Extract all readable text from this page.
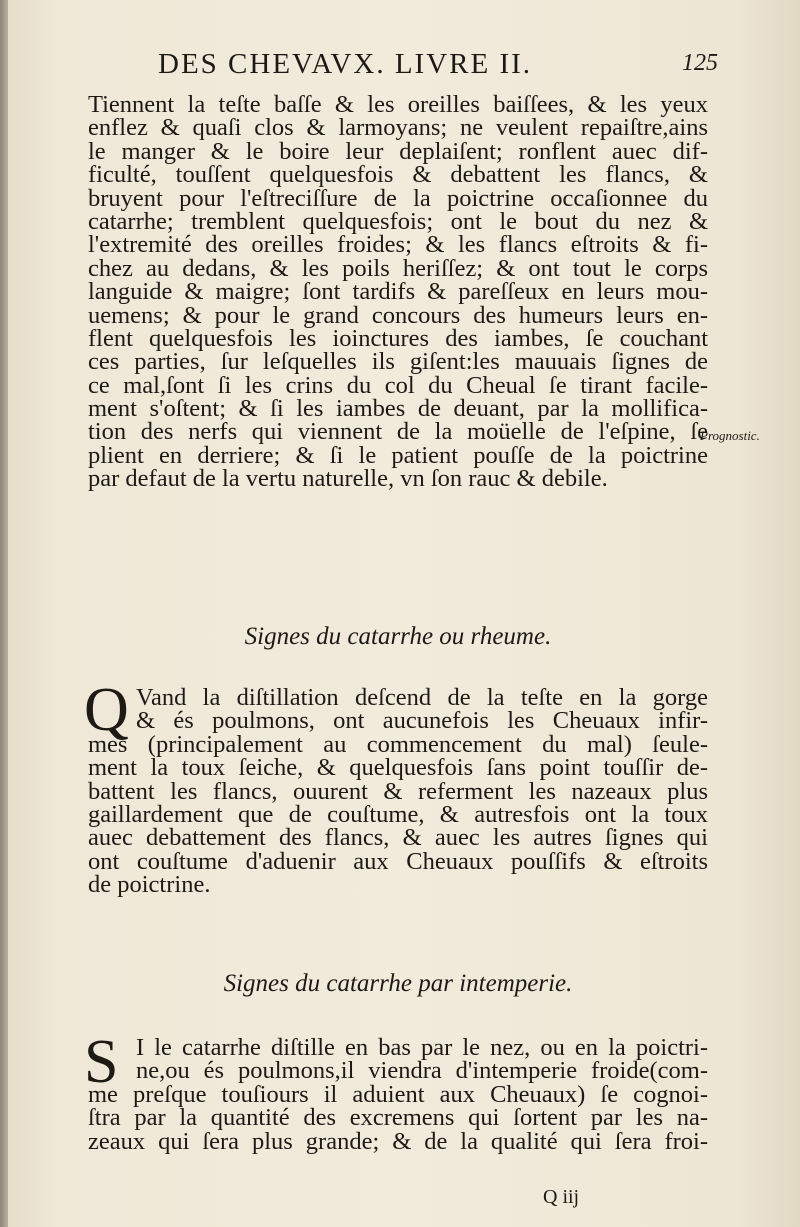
DES CHEVAVX. LIVRE II.	125
Tiennent la teſte baſſe & les oreilles baiſſees, & les yeux
enflez & quaſi clos & larmoyans; ne veulent repaiſtre,ains
le manger & le boire leur deplaiſent; ronflent auec dif-
ficulté, touſſent quelquesfois & debattent les flancs, &
bruyent pour l'eſtreciſſure de la poictrine occaſionnee du
catarrhe; tremblent quelquesfois; ont le bout du nez &
l'extremité des oreilles froides; & les flancs eſtroits & fi-
chez au dedans, & les poils heriſſez; & ont tout le corps
languide & maigre; ſont tardifs & pareſſeux en leurs mou-
uemens; & pour le grand concours des humeurs leurs en-
flent quelquesfois les ioinctures des iambes, ſe couchant
ces parties, ſur leſquelles ils giſent:les mauuais ſignes de
ce mal,ſont ſi les crins du col du Cheual ſe tirant facile-
ment s'oſtent; & ſi les iambes de deuant, par la mollifica-
tion des nerfs qui viennent de la moüelle de l'eſpine, ſe
plient en derriere; & ſi le patient pouſſe de la poictrine
par defaut de la vertu naturelle, vn ſon rauc & debile.
Prognostic.
Signes du catarrhe ou rheume.
Q Vand la diſtillation deſcend de la teſte en la gorge
& és poulmons, ont aucunefois les Cheuaux infir-
mes (principalement au commencement du mal) ſeule-
ment la toux ſeiche, & quelquesfois ſans point touſſir de-
battent les flancs, ouurent & referment les nazeaux plus
gaillardement que de couſtume, & autresfois ont la toux
auec debattement des flancs, & auec les autres ſignes qui
ont couſtume d'aduenir aux Cheuaux pouſſifs & eſtroits
de poictrine.
Signes du catarrhe par intemperie.
S I le catarrhe diſtille en bas par le nez, ou en la poictri-
ne,ou és poulmons,il viendra d'intemperie froide(com-
me preſque touſiours il aduient aux Cheuaux) ſe cognoi-
ſtra par la quantité des excremens qui ſortent par les na-
zeaux qui ſera plus grande; & de la qualité qui ſera froi-
Q iij
